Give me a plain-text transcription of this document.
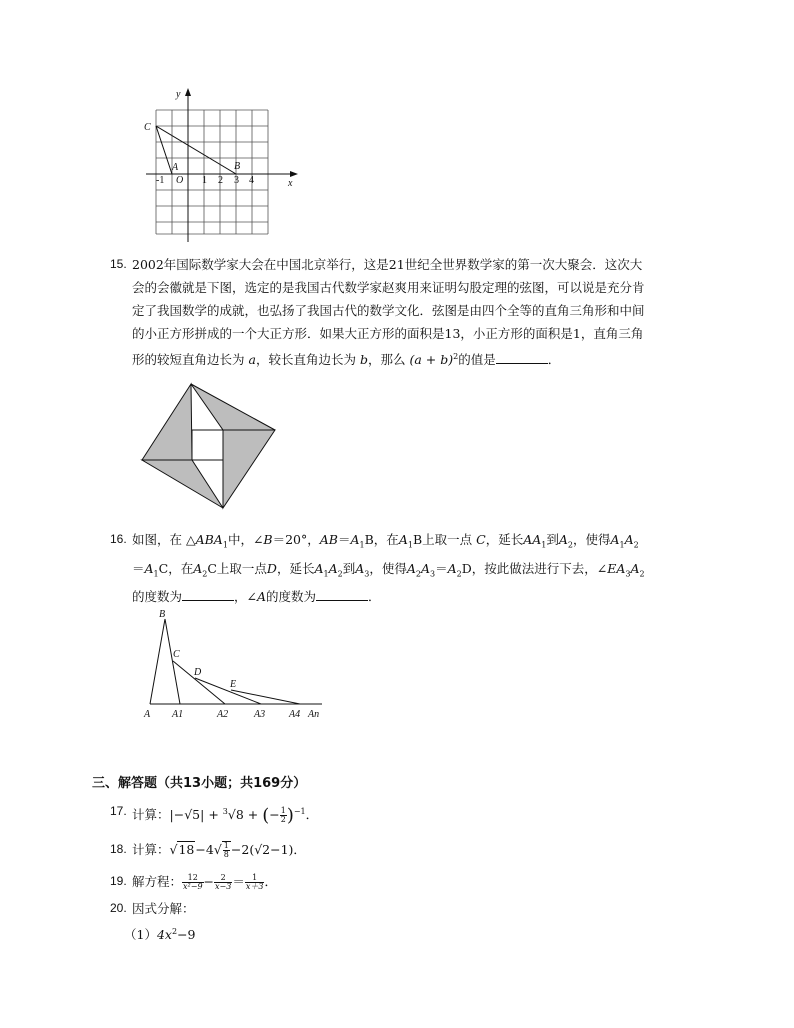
y
x
O
-1	1 2 3 4
C
A	B
15. 2002年国际数学家大会在中国北京举行，这是21世纪全世界数学家的第一次大聚会．这次大
会的会徽就是下图，选定的是我国古代数学家赵爽用来证明勾股定理的弦图，可以说是充分肯
定了我国数学的成就，也弘扬了我国古代的数学文化．弦图是由四个全等的直角三角形和中间
的小正方形拼成的一个大正方形．如果大正方形的面积是13，小正方形的面积是1，直角三角
形的较短直角边长为 a，较长直角边长为 b，那么 $(a + b)^2$的值是	．
16. 如图，在 $\triangle ABA_1$中，∠B＝20°，$AB=A_1B$，在$A_1B$上取一点 C，延长$AA_1$到$A_2$，使得$A_1A_2$
$=A_1C$，在$A_2C$上取一点D，延长$A_1A_2$到$A_3$，使得$A_2A_3=A_2D$，按此做法进行下去，$\angle EA_3A_2$
的度数为	，∠A的度数为	．
B
C
D
E
A A1	A2	A3 A4 An
三、解答题（共13小题；共169分）
17. 计算：|−√5| + $^3$√8 + (− $\frac{1}{2} )^{-1}$．
18. 计算：$√18-4√ \frac{1}{8} -2(√2-1)$．
19. 解方程： $\frac{12}{\text{x²−9}} - \frac{2}{x-3} = \frac{1}{x+3}$ ．
20. 因式分解：
$(1)4x^2-9$
